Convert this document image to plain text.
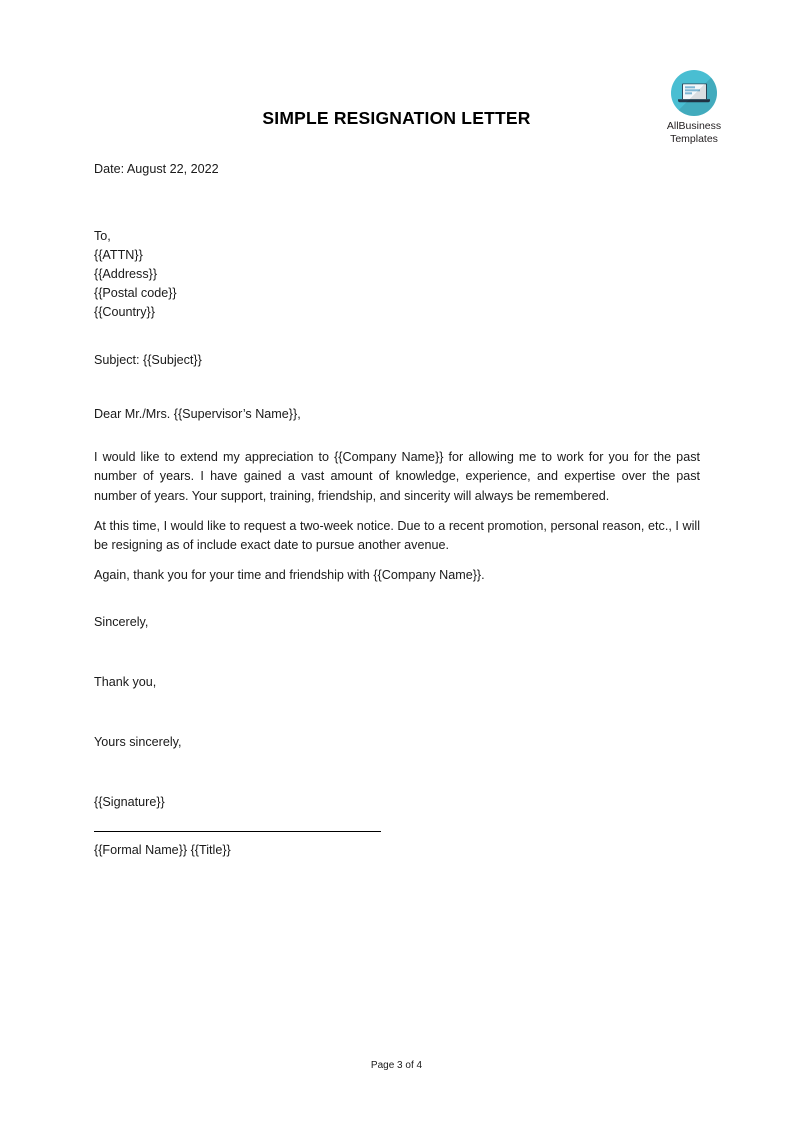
SIMPLE RESIGNATION LETTER	AllBusiness
Templates
Date: August 22, 2022
To,
{{ATTN}}
{{Address}}
{{Postal code}}
{{Country}}
Subject: {{Subject}}
Dear Mr./Mrs. {{Supervisor’s Name}},

I would like to extend my appreciation to {{Company Name}} for allowing me to work for you for the past number of years. I have gained a vast amount of knowledge, experience, and expertise over the past number of years. Your support, training, friendship, and sincerity will always be remembered.

At this time, I would like to request a two-week notice. Due to a recent promotion, personal reason, etc., I will be resigning as of include exact date to pursue another avenue.

Again, thank you for your time and friendship with {{Company Name}}.

Sincerely,
Thank you,
Yours sincerely,
{{Signature}}
{{Formal Name}} {{Title}}
Page 3 of 4
